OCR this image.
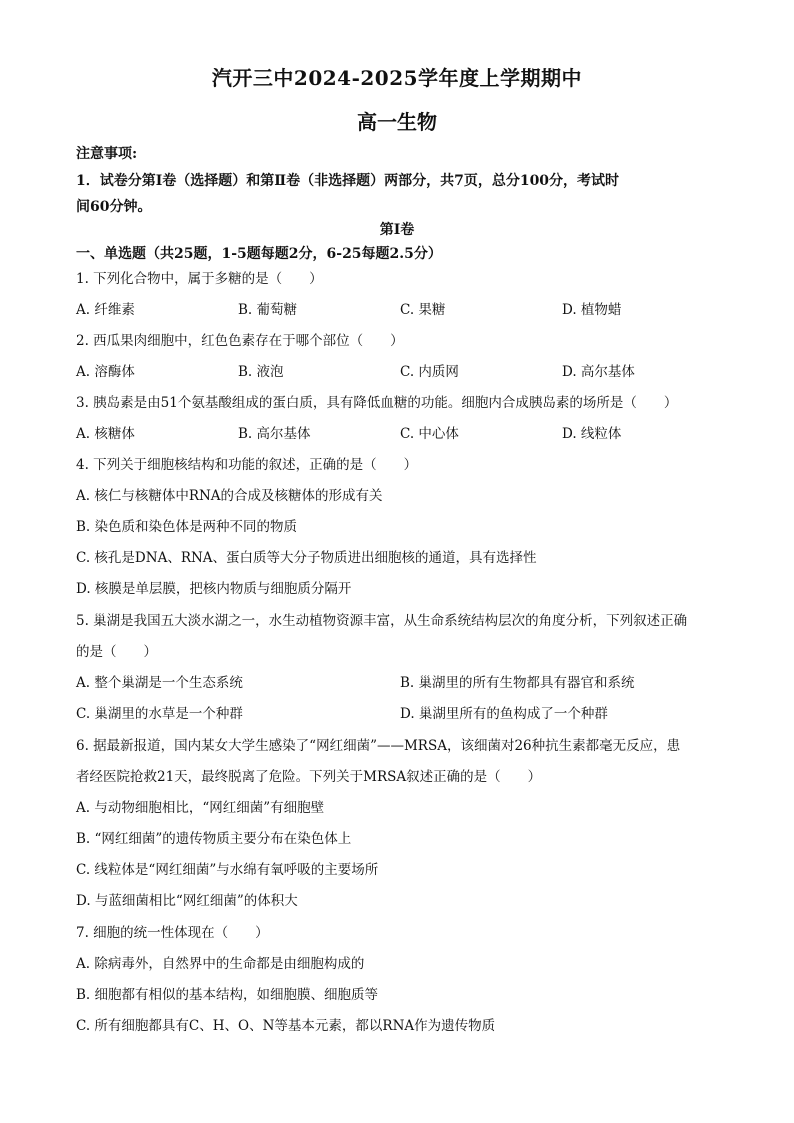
汽开三中2024-2025学年度上学期期中
高一生物
注意事项:
1．试卷分第Ⅰ卷（选择题）和第Ⅱ卷（非选择题）两部分，共7页，总分100分，考试时
间60分钟。
第Ⅰ卷
一、单选题（共25题，1-5题每题2分，6-25每题2.5分）
1. 下列化合物中，属于多糖的是（　　）
A. 纤维素	B. 葡萄糖	C. 果糖	D. 植物蜡
2. 西瓜果肉细胞中，红色色素存在于哪个部位（　　）
A. 溶酶体	B. 液泡	C. 内质网	D. 高尔基体
3. 胰岛素是由51个氨基酸组成的蛋白质，具有降低血糖的功能。细胞内合成胰岛素的场所是（　　）
A. 核糖体	B. 高尔基体	C. 中心体	D. 线粒体
4. 下列关于细胞核结构和功能的叙述，正确的是（　　）
A. 核仁与核糖体中RNA的合成及核糖体的形成有关
B. 染色质和染色体是两种不同的物质
C. 核孔是DNA、RNA、蛋白质等大分子物质进出细胞核的通道，具有选择性
D. 核膜是单层膜，把核内物质与细胞质分隔开
5. 巢湖是我国五大淡水湖之一，水生动植物资源丰富，从生命系统结构层次的角度分析，下列叙述正确
的是（　　）
A. 整个巢湖是一个生态系统	B. 巢湖里的所有生物都具有器官和系统
C. 巢湖里的水草是一个种群	D. 巢湖里所有的鱼构成了一个种群
6. 据最新报道，国内某女大学生感染了“网红细菌”——MRSA，该细菌对26种抗生素都毫无反应，患
者经医院抢救21天，最终脱离了危险。下列关于MRSA叙述正确的是（　　）
A. 与动物细胞相比，“网红细菌”有细胞壁
B. “网红细菌”的遗传物质主要分布在染色体上
C. 线粒体是“网红细菌”与水绵有氧呼吸的主要场所
D. 与蓝细菌相比“网红细菌”的体积大
7. 细胞的统一性体现在（　　）
A. 除病毒外，自然界中的生命都是由细胞构成的
B. 细胞都有相似的基本结构，如细胞膜、细胞质等
C. 所有细胞都具有C、H、O、N等基本元素，都以RNA作为遗传物质
